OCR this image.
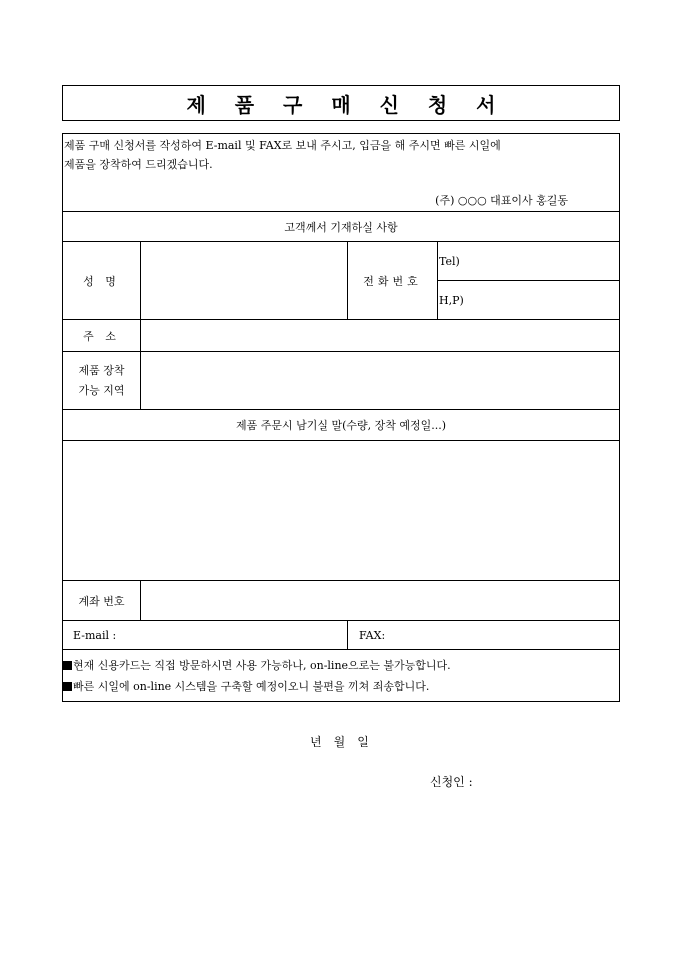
제 품 구 매 신 청 서
제품 구매 신청서를 작성하여 E-mail 및 FAX로 보내 주시고, 입금을 해 주시면 빠른 시일에
제품을 장착하여 드리겠습니다.
(주) ○○○ 대표이사 홍길동			

고객께서 기재하실 사항			
성 명		전화번호	Tel)
			H,P)
주 소			

제품 장착
가능 지역			

제품 주문시 남기실 말(수량, 장착 예정일...)			

계좌 번호			
E-mail :		FAX:	

현재 신용카드는 직접 방문하시면 사용 가능하나, on-line으로는 불가능합니다.
빠른 시일에 on-line 시스템을 구축할 예정이오니 불편을 끼쳐 죄송합니다.			
년 월 일
신청인 :
